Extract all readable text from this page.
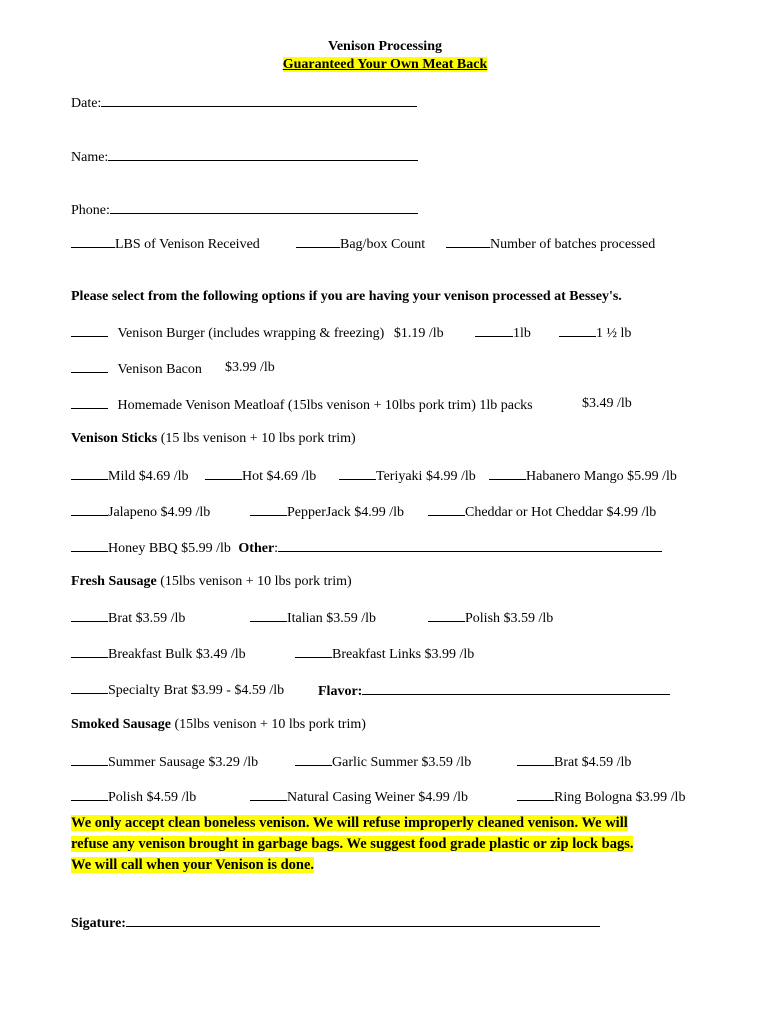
Venison Processing
Guaranteed Your Own Meat Back
Date:
Name:
Phone:
LBS of Venison Received	Bag/box Count	Number of batches processed
Please select from the following options if you are having your venison processed at Bessey's.
Venison Burger (includes wrapping & freezing) $1.19 /lb	1lb	1 ½ lb
Venison Bacon $3.99 /lb
Homemade Venison Meatloaf (15lbs venison + 10lbs pork trim) 1lb packs	$3.49 /lb
Venison Sticks (15 lbs venison + 10 lbs pork trim)
Mild $4.69 /lb	Hot $4.69 /lb	Teriyaki $4.99 /lb	Habanero Mango $5.99 /lb
Jalapeno $4.99 /lb	PepperJack $4.99 /lb	Cheddar or Hot Cheddar $4.99 /lb
Honey BBQ $5.99 /lb Other:
Fresh Sausage (15lbs venison + 10 lbs pork trim)
Brat $3.59 /lb	Italian $3.59 /lb	Polish $3.59 /lb
Breakfast Bulk $3.49 /lb	Breakfast Links $3.99 /lb
Specialty Brat $3.99 - $4.59 /lb Flavor:
Smoked Sausage (15lbs venison + 10 lbs pork trim)
Summer Sausage $3.29 /lb	Garlic Summer $3.59 /lb	Brat $4.59 /lb
Polish $4.59 /lb	Natural Casing Weiner $4.99 /lb	Ring Bologna $3.99 /lb
We only accept clean boneless venison. We will refuse improperly cleaned venison. We will
refuse any venison brought in garbage bags. We suggest food grade plastic or zip lock bags.
We will call when your Venison is done.
Sigature:
